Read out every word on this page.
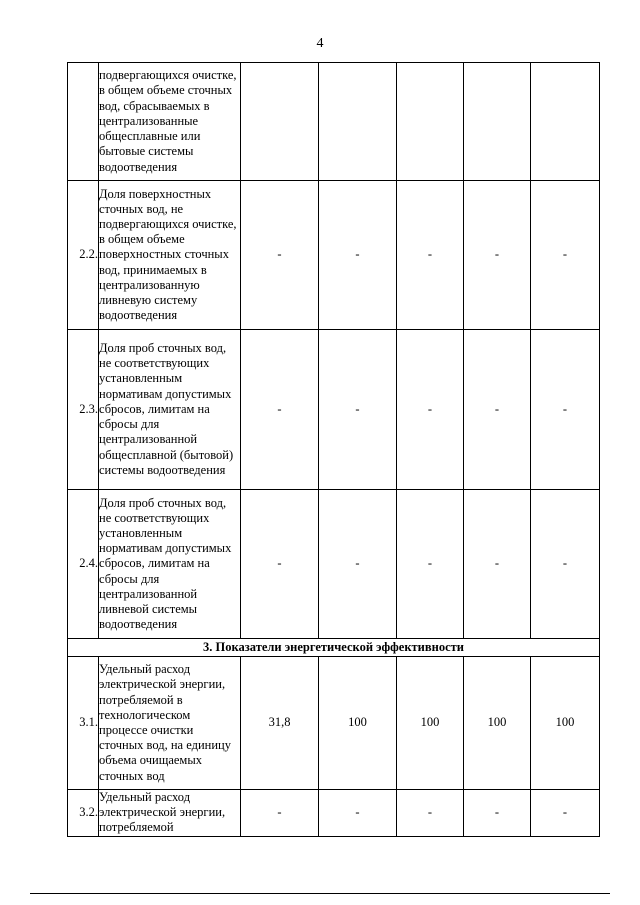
4
	подвергающихся очистке, в общем объеме сточных вод, сбрасываемых в централизованные общесплавные или бытовые системы водоотведения					
2.2.	Доля поверхностных сточных вод, не подвергающихся очистке, в общем объеме поверхностных сточных вод, принимаемых в централизованную ливневую систему водоотведения	-	-	-	-	-
2.3.	Доля проб сточных вод, не соответствующих установленным нормативам допустимых сбросов, лимитам на сбросы для централизованной общесплавной (бытовой) системы водоотведения	-	-	-	-	-
2.4.	Доля проб сточных вод, не соответствующих установленным нормативам допустимых сбросов, лимитам на сбросы для централизованной ливневой системы водоотведения	-	-	-	-	-
3. Показатели энергетической эффективности						
3.1.	Удельный расход электрической энергии, потребляемой в технологическом процессе очистки сточных вод, на единицу объема очищаемых сточных вод	31,8	100	100	100	100
3.2.	Удельный расход электрической энергии, потребляемой	-	-	-	-	-
